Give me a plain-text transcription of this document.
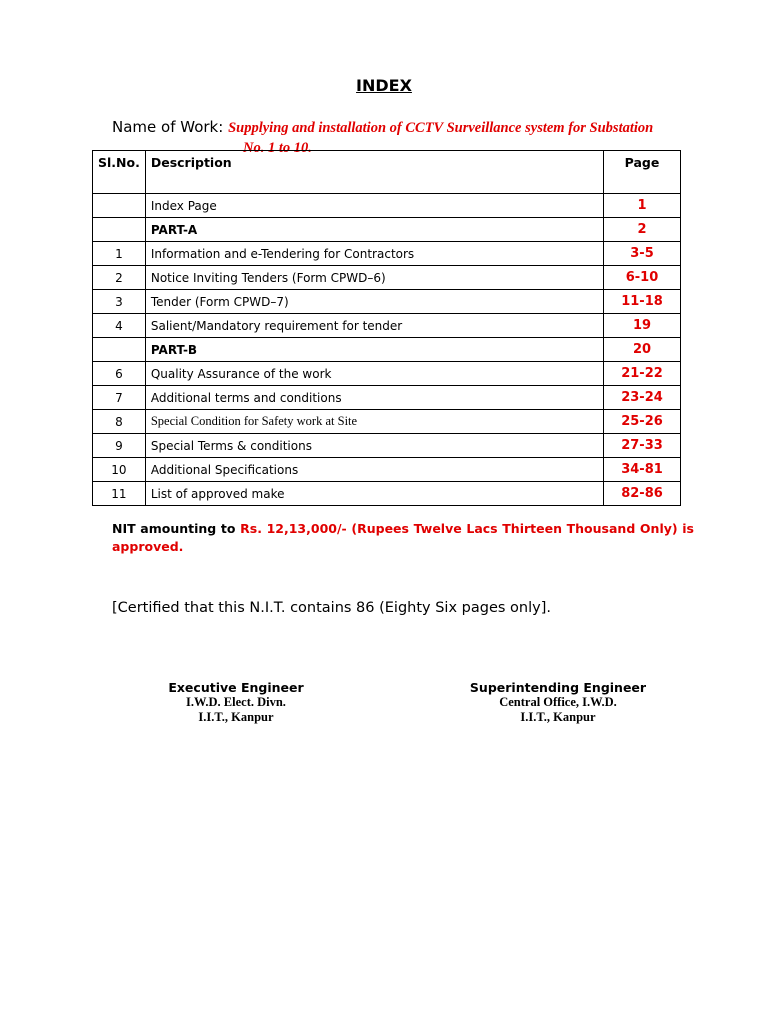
INDEX
Name of Work: Supplying and installation of CCTV Surveillance system for Substation
No. 1 to 10.
Sl.No.	Description	Page
	Index Page	1
	PART-A	2
1	Information and e-Tendering for Contractors	3-5
2	Notice Inviting Tenders (Form CPWD–6)	6-10
3	Tender (Form CPWD–7)	11-18
4	Salient/Mandatory requirement for tender	19
	PART-B	20
6	Quality Assurance of the work	21-22
7	Additional terms and conditions	23-24
8	Special Condition for Safety work at Site	25-26
9	Special Terms & conditions	27-33
10	Additional Specifications	34-81
11	List of approved make	82-86
NIT amounting to Rs. 12,13,000/- (Rupees Twelve Lacs Thirteen Thousand Only) is approved.
[Certified that this N.I.T. contains 86 (Eighty Six pages only].
Executive Engineer
I.W.D. Elect. Divn.
I.I.T., Kanpur
Superintending Engineer
Central Office, I.W.D.
I.I.T., Kanpur
